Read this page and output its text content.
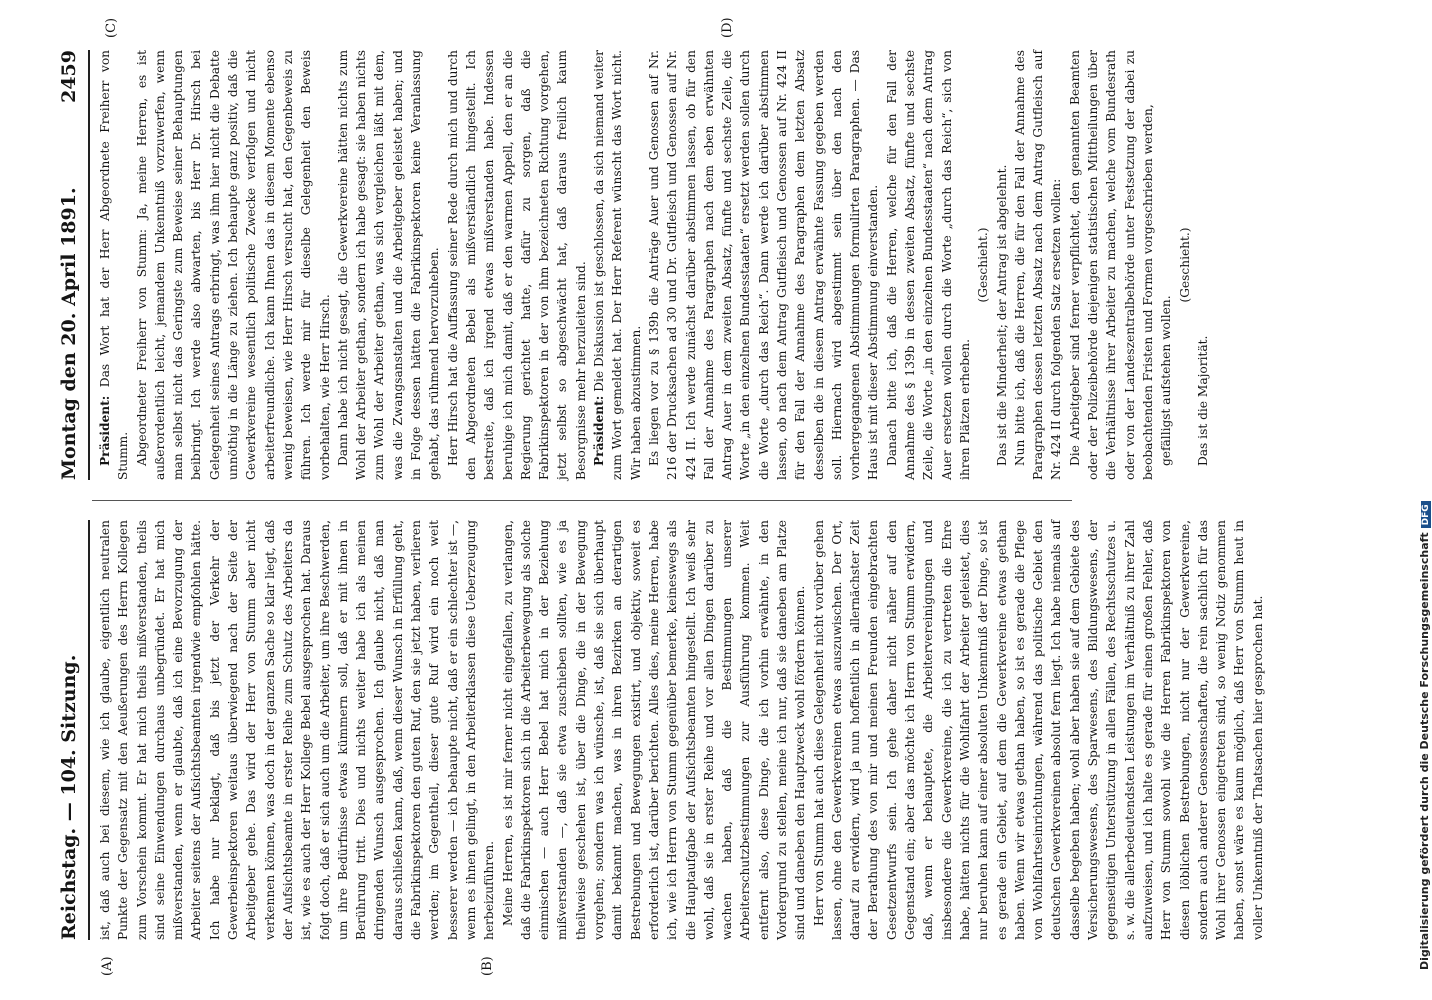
Reichstag. — 104. Sitzung.
Montag den 20. April 1891.
2459
(A)	(B)
(C)	(D)

ist, daß auch bei diesem, wie ich glaube, eigentlich neutralen Punkte der Gegensatz mit den Aeußerungen des Herrn Kollegen zum Vorschein kommt. Er hat mich theils mißverstanden, theils sind seine Einwendungen durchaus unbegründet. Er hat mich mißverstanden, wenn er glaubte, daß ich eine Bevorzugung der Arbeiter seitens der Aufsichtsbeamten irgendwie empfohlen hätte. Ich habe nur beklagt, daß bis jetzt der Verkehr der Gewerbeinspektoren weitaus überwiegend nach der Seite der Arbeitgeber gehe. Das wird der Herr von Stumm aber nicht verkennen können, was doch in der ganzen Sache so klar liegt, daß der Aufsichtsbeamte in erster Reihe zum Schutz des Arbeiters da ist, wie es auch der Herr Kollege Bebel ausgesprochen hat. Daraus folgt doch, daß er sich auch um die Arbeiter, um ihre Beschwerden, um ihre Bedürfnisse etwas kümmern soll, daß er mit ihnen in Berührung tritt. Dies und nichts weiter habe ich als meinen dringenden Wunsch ausgesprochen. Ich glaube nicht, daß man daraus schließen kann, daß, wenn dieser Wunsch in Erfüllung geht, die Fabrikinspektoren den guten Ruf, den sie jetzt haben, verlieren werden; im Gegentheil, dieser gute Ruf wird ein noch weit besserer werden — ich behaupte nicht, daß er ein schlechter ist —, wenn es ihnen gelingt, in den Arbeiterklassen diese Ueberzeugung herbeizuführen. Meine Herren, es ist mir ferner nicht eingefallen, zu verlangen, daß die Fabrikinspektoren sich in die Arbeiterbewegung als solche einmischen — auch Herr Bebel hat mich in der Beziehung mißverstanden —, daß sie etwa zuschieben sollten, wie es ja theilweise geschehen ist, über die Dinge, die in der Bewegung vorgehen; sondern was ich wünsche, ist, daß sie sich überhaupt damit bekannt machen, was in ihren Bezirken an derartigen Bestrebungen und Bewegungen existirt, und objektiv, soweit es erforderlich ist, darüber berichten. Alles dies, meine Herren, habe ich, wie ich Herrn von Stumm gegenüber bemerke, keineswegs als die Hauptaufgabe der Aufsichtsbeamten hingestellt. Ich weiß sehr wohl, daß sie in erster Reihe und vor allen Dingen darüber zu wachen haben, daß die Bestimmungen unserer Arbeiterschutzbestimmungen zur Ausführung kommen. Weit entfernt also, diese Dinge, die ich vorhin erwähnte, in den Vordergrund zu stellen, meine ich nur, daß sie daneben am Platze sind und daneben den Hauptzweck wohl fördern können. Herr von Stumm hat auch diese Gelegenheit nicht vorüber gehen lassen, ohne den Gewerkvereinen etwas auszuwischen. Der Ort, darauf zu erwidern, wird ja nun hoffentlich in allernächster Zeit der Berathung des von mir und meinen Freunden eingebrachten Gesetzentwurfs sein. Ich gehe daher nicht näher auf den Gegenstand ein; aber das möchte ich Herrn von Stumm erwidern, daß, wenn er behauptete, die Arbeitervereinigungen und insbesondere die Gewerkvereine, die ich zu vertreten die Ehre habe, hätten nichts für die Wohlfahrt der Arbeiter geleistet, dies nur beruhen kann auf einer absoluten Unkenntniß der Dinge, so ist es gerade ein Gebiet, auf dem die Gewerkvereine etwas gethan haben. Wenn wir etwas gethan haben, so ist es gerade die Pflege von Wohlfahrtseinrichtungen, während das politische Gebiet den deutschen Gewerkvereinen absolut fern liegt. Ich habe niemals auf dasselbe begeben haben; wohl aber haben sie auf dem Gebiete des Versicherungswesens, des Sparwesens, des Bildungswesens, der gegenseitigen Unterstützung in allen Fällen, des Rechtsschutzes u. s. w. die allerbedeutendsten Leistungen im Verhältniß zu ihrer Zahl aufzuweisen, und ich halte es gerade für einen großen Fehler, daß Herr von Stumm sowohl wie die Herren Fabrikinspektoren von diesen löblichen Bestrebungen, nicht nur der Gewerkvereine, sondern auch anderer Genossenschaften, die rein sachlich für das Wohl ihrer Genossen eingetreten sind, so wenig Notiz genommen haben, sonst wäre es kaum möglich, daß Herr von Stumm heut in voller Unkenntniß der Thatsachen hier gesprochen hat.

Präsident: Das Wort hat der Herr Abgeordnete Freiherr von Stumm. Abgeordneter Freiherr von Stumm: Ja, meine Herren, es ist außerordentlich leicht, jemandem Unkenntniß vorzuwerfen, wenn man selbst nicht das Geringste zum Beweise seiner Behauptungen beibringt. Ich werde also abwarten, bis Herr Dr. Hirsch bei Gelegenheit seines Antrags erbringt, was ihm hier nicht die Debatte unnöthig in die Länge zu ziehen. Ich behaupte ganz positiv, daß die Gewerkvereine wesentlich politische Zwecke verfolgen und nicht arbeiterfreundliche. Ich kann Ihnen das in diesem Momente ebenso wenig beweisen, wie Herr Hirsch versucht hat, den Gegenbeweis zu führen. Ich werde mir für dieselbe Gelegenheit den Beweis vorbehalten, wie Herr Hirsch. Dann habe ich nicht gesagt, die Gewerkvereine hätten nichts zum Wohl der Arbeiter gethan, sondern ich habe gesagt: sie haben nichts zum Wohl der Arbeiter gethan, was sich vergleichen läßt mit dem, was die Zwangsanstalten und die Arbeitgeber geleistet haben; und in Folge dessen hätten die Fabrikinspektoren keine Veranlassung gehabt, das rühmend hervorzuheben. Herr Hirsch hat die Auffassung seiner Rede durch mich und durch den Abgeordneten Bebel als mißverständlich hingestellt. Ich bestreite, daß ich irgend etwas mißverstanden habe. Indessen beruhige ich mich damit, daß er den warmen Appell, den er an die Regierung gerichtet hatte, dafür zu sorgen, daß die Fabrikinspektoren in der von ihm bezeichneten Richtung vorgehen, jetzt selbst so abgeschwächt hat, daß daraus freilich kaum Besorgnisse mehr herzuleiten sind. Präsident: Die Diskussion ist geschlossen, da sich niemand weiter zum Wort gemeldet hat. Der Herr Referent wünscht das Wort nicht. Wir haben abzustimmen. Es liegen vor zu § 139b die Anträge Auer und Genossen auf Nr. 216 der Drucksachen ad 30 und Dr. Gutfleisch und Genossen auf Nr. 424 II. Ich werde zunächst darüber abstimmen lassen, ob für den Fall der Annahme des Paragraphen nach dem eben erwähnten Antrag Auer in dem zweiten Absatz, fünfte und sechste Zeile, die Worte „in den einzelnen Bundesstaaten“ ersetzt werden sollen durch die Worte „durch das Reich“. Dann werde ich darüber abstimmen lassen, ob nach dem Antrag Gutfleisch und Genossen auf Nr. 424 II für den Fall der Annahme des Paragraphen dem letzten Absatz desselben die in diesem Antrag erwähnte Fassung gegeben werden soll. Hiernach wird abgestimmt sein über den nach den vorhergegangenen Abstimmungen formulirten Paragraphen. — Das Haus ist mit dieser Abstimmung einverstanden. Danach bitte ich, daß die Herren, welche für den Fall der Annahme des § 139b in dessen zweiten Absatz, fünfte und sechste Zeile, die Worte „in den einzelnen Bundesstaaten“ nach dem Antrag Auer ersetzen wollen durch die Worte „durch das Reich“, sich von ihren Plätzen erheben.

(Geschieht.) Das ist die Minderheit; der Antrag ist abgelehnt. Nun bitte ich, daß die Herren, die für den Fall der Annahme des Paragraphen dessen letzten Absatz nach dem Antrag Gutfleisch auf Nr. 424 II durch folgenden Satz ersetzen wollen: Die Arbeitgeber sind ferner verpflichtet, den genannten Beamten oder der Polizeibehörde diejenigen statistischen Mittheilungen über die Verhältnisse ihrer Arbeiter zu machen, welche vom Bundesrath oder von der Landeszentralbehörde unter Festsetzung der dabei zu beobachtenden Fristen und Formen vorgeschrieben werden, gefälligst aufstehen wollen.

(Geschieht.)

Das ist die Majorität.

Digitalisierung gefördert durch die Deutsche ForschungsgemeinschaftDFG
